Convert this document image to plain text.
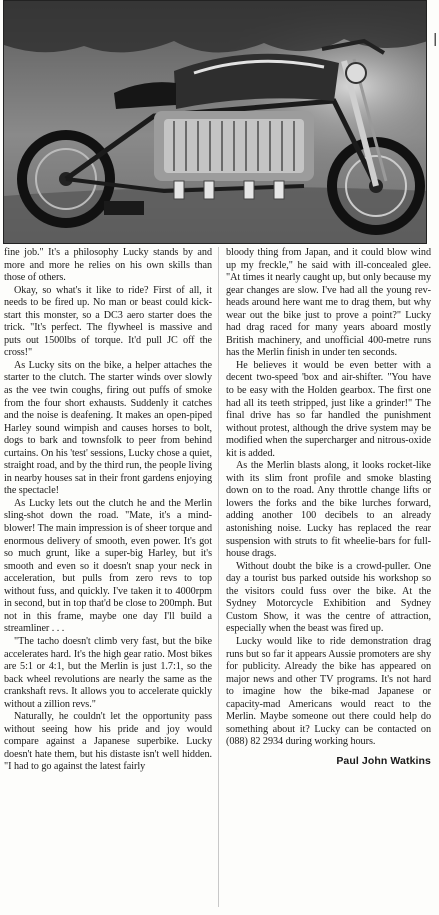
|

fine job." It's a philosophy Lucky stands by and more and more he relies on his own skills than those of others.

Okay, so what's it like to ride? First of all, it needs to be fired up. No man or beast could kick-start this monster, so a DC3 aero starter does the trick. "It's perfect. The flywheel is massive and puts out 1500lbs of torque. It'd pull JC off the cross!"

As Lucky sits on the bike, a helper attaches the starter to the clutch. The starter winds over slowly as the vee twin coughs, firing out puffs of smoke from the four short exhausts. Suddenly it catches and the noise is deafening. It makes an open-piped Harley sound wimpish and causes horses to bolt, dogs to bark and townsfolk to peer from behind curtains. On his 'test' sessions, Lucky chose a quiet, straight road, and by the third run, the people living in nearby houses sat in their front gardens enjoying the spectacle!

As Lucky lets out the clutch he and the Merlin sling-shot down the road. "Mate, it's a mind-blower! The main impression is of sheer torque and enormous delivery of smooth, even power. It's got so much grunt, like a super-big Harley, but it's smooth and even so it doesn't snap your neck in acceleration, but pulls from zero revs to top without fuss, and quickly. I've taken it to 4000rpm in second, but in top that'd be close to 200mph. But not in this frame, maybe one day I'll build a streamliner . . .

"The tacho doesn't climb very fast, but the bike accelerates hard. It's the high gear ratio. Most bikes are 5:1 or 4:1, but the Merlin is just 1.7:1, so the back wheel revolutions are nearly the same as the crankshaft revs. It allows you to accelerate quickly without a zillion revs."

Naturally, he couldn't let the opportunity pass without seeing how his pride and joy would compare against a Japanese superbike. Lucky doesn't hate them, but his distaste isn't well hidden. "I had to go against the latest fairly

bloody thing from Japan, and it could blow wind up my freckle," he said with ill-concealed glee. "At times it nearly caught up, but only because my gear changes are slow. I've had all the young rev-heads around here want me to drag them, but why wear out the bike just to prove a point?" Lucky had drag raced for many years aboard mostly British machinery, and unofficial 400-metre runs has the Merlin finish in under ten seconds.

He believes it would be even better with a decent two-speed 'box and air-shifter. "You have to be easy with the Holden gearbox. The first one had all its teeth stripped, just like a grinder!" The final drive has so far handled the punishment without protest, although the drive system may be modified when the supercharger and nitrous-oxide kit is added.

As the Merlin blasts along, it looks rocket-like with its slim front profile and smoke blasting down on to the road. Any throttle change lifts or lowers the forks and the bike lurches forward, adding another 100 decibels to an already astonishing noise. Lucky has replaced the rear suspension with struts to fit wheelie-bars for full-house drags.

Without doubt the bike is a crowd-puller. One day a tourist bus parked outside his workshop so the visitors could fuss over the bike. At the Sydney Motorcycle Exhibition and Sydney Custom Show, it was the centre of attraction, especially when the beast was fired up.

Lucky would like to ride demonstration drag runs but so far it appears Aussie promoters are shy for publicity. Already the bike has appeared on major news and other TV programs. It's not hard to imagine how the bike-mad Japanese or capacity-mad Americans would react to the Merlin. Maybe someone out there could help do something about it? Lucky can be contacted on (088) 82 2934 during working hours.

Paul John Watkins
